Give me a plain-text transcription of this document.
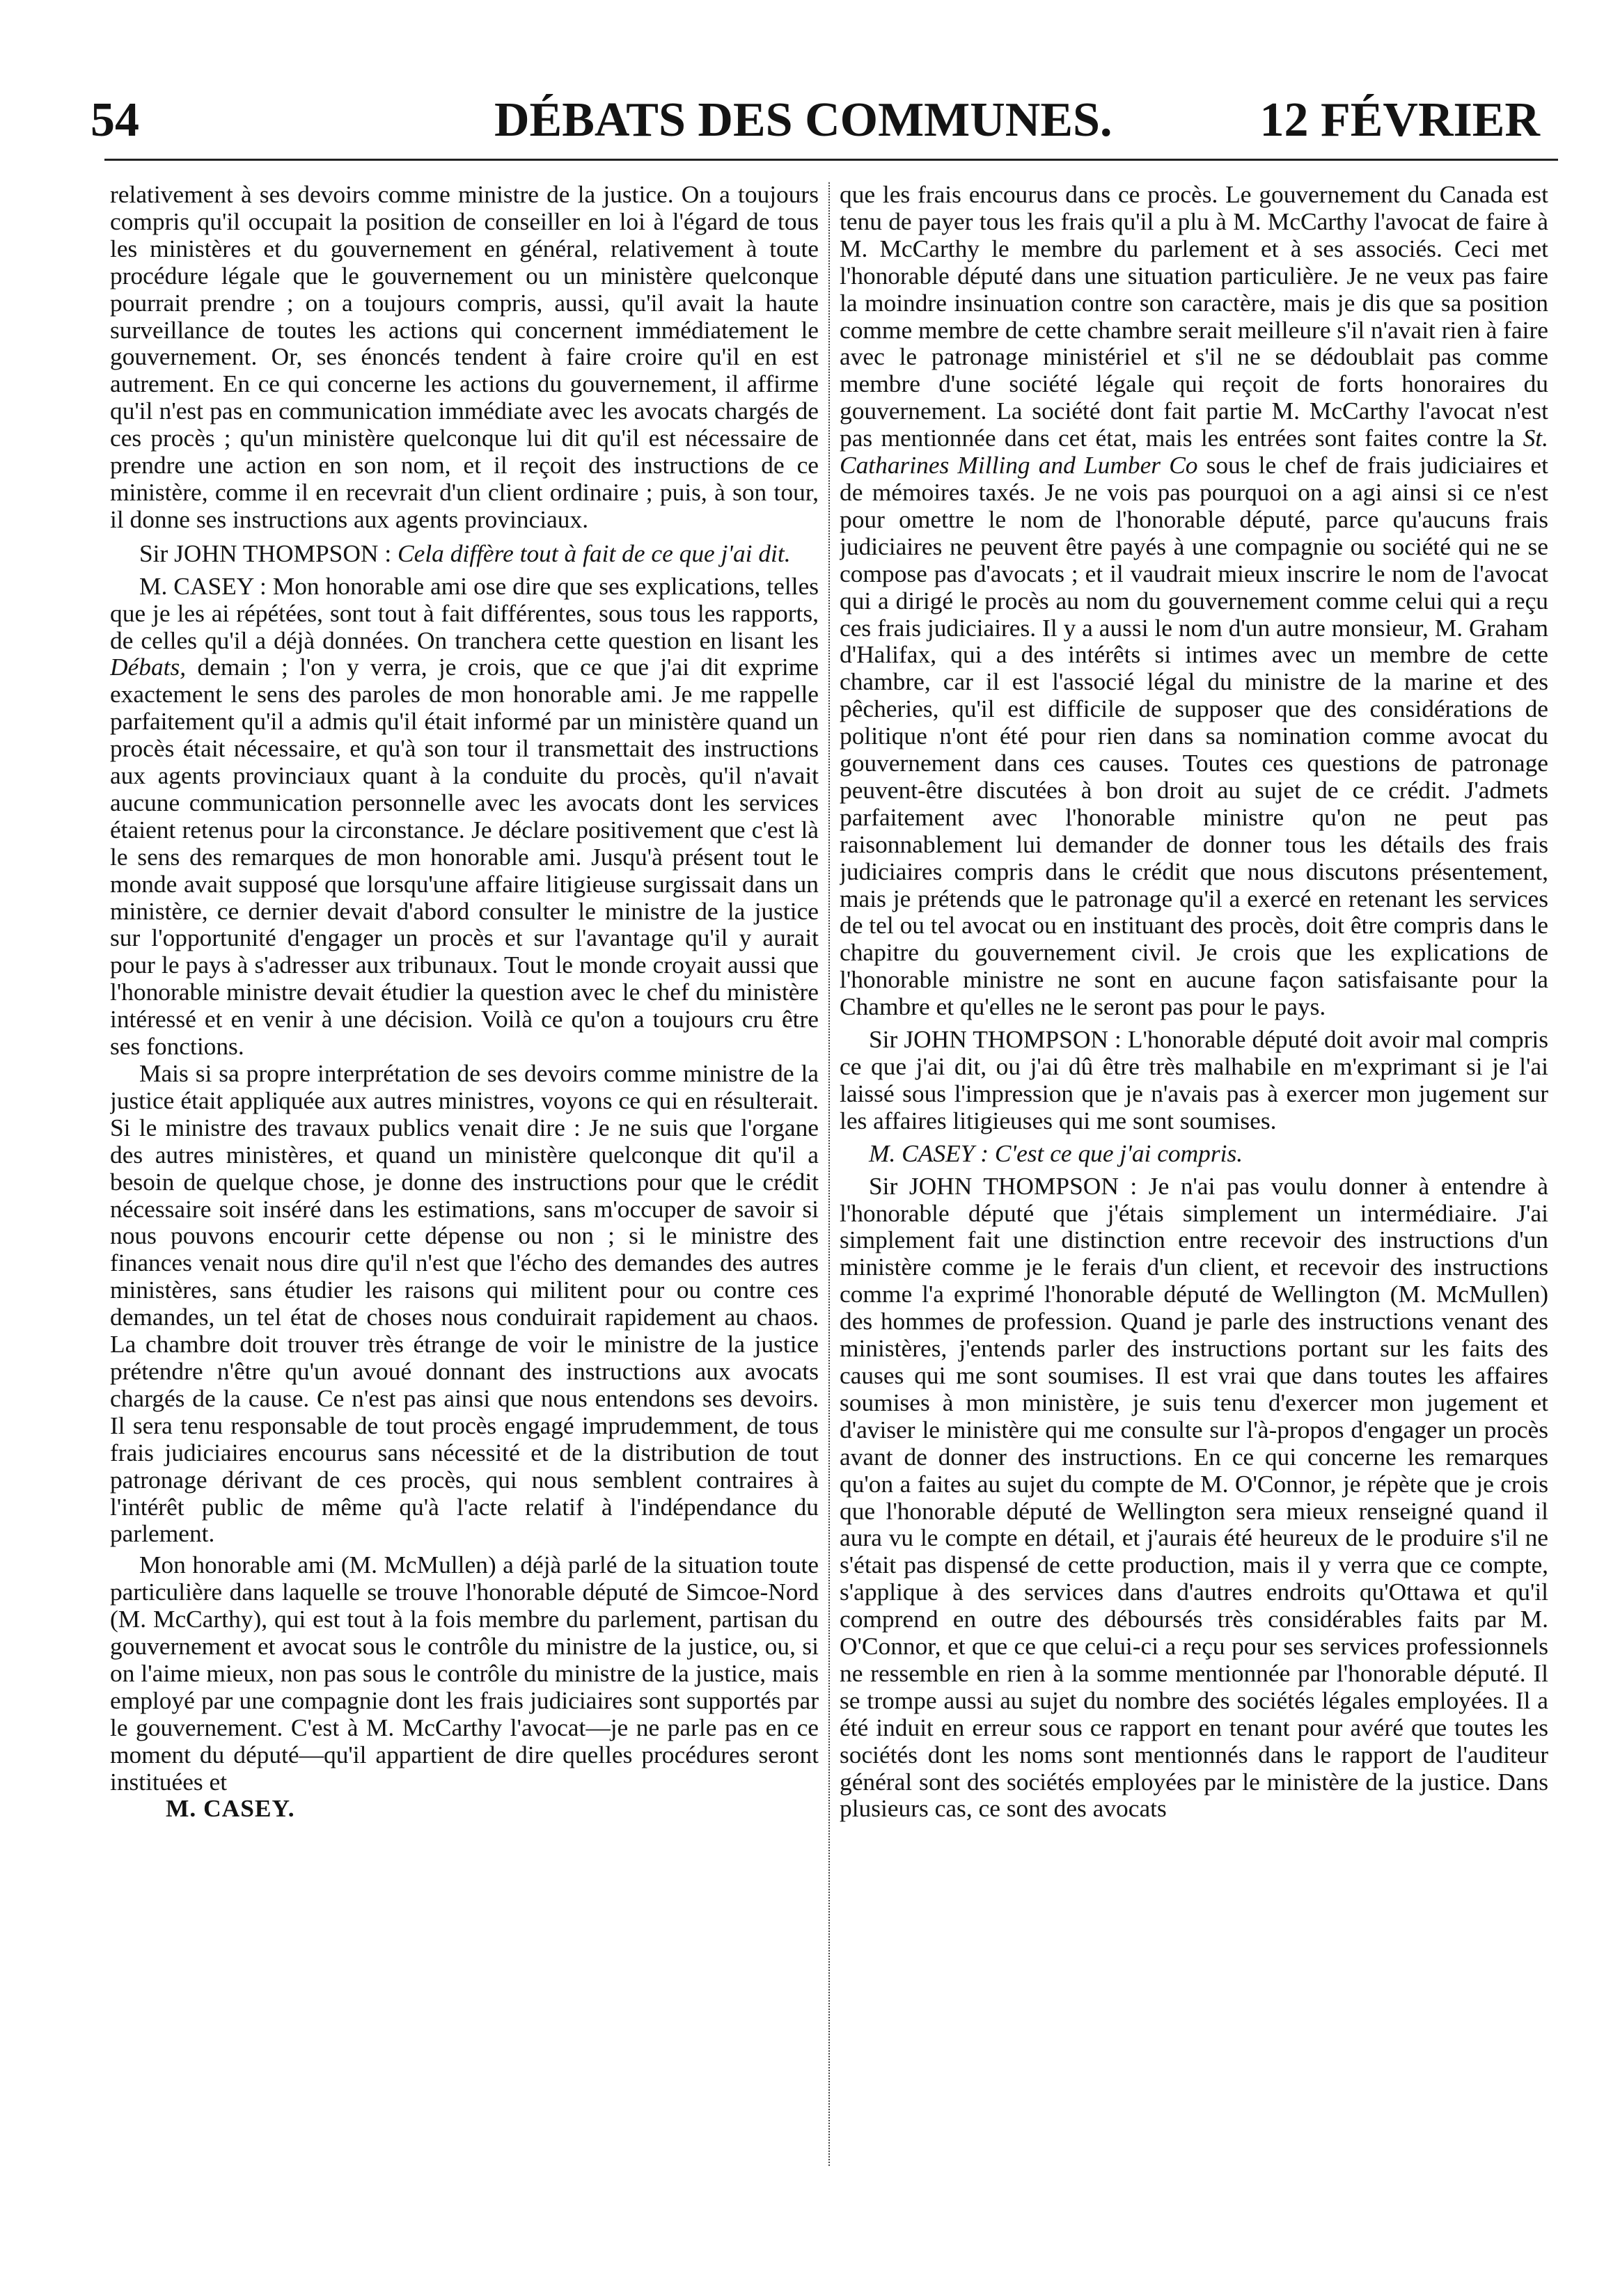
54	DÉBATS DES COMMUNES.	12 FÉVRIER

relativement à ses devoirs comme ministre de la justice. On a toujours compris qu'il occupait la position de conseiller en loi à l'égard de tous les ministères et du gouvernement en général, relativement à toute procédure légale que le gouvernement ou un ministère quelconque pourrait prendre ; on a toujours compris, aussi, qu'il avait la haute surveillance de toutes les actions qui concernent immédiatement le gouvernement. Or, ses énoncés tendent à faire croire qu'il en est autrement. En ce qui concerne les actions du gouvernement, il affirme qu'il n'est pas en communication immédiate avec les avocats chargés de ces procès ; qu'un ministère quelconque lui dit qu'il est nécessaire de prendre une action en son nom, et il reçoit des instructions de ce ministère, comme il en recevrait d'un client ordinaire ; puis, à son tour, il donne ses instructions aux agents provinciaux.

Sir JOHN THOMPSON : Cela diffère tout à fait de ce que j'ai dit.

M. CASEY : Mon honorable ami ose dire que ses explications, telles que je les ai répétées, sont tout à fait différentes, sous tous les rapports, de celles qu'il a déjà données. On tranchera cette question en lisant les Débats, demain ; l'on y verra, je crois, que ce que j'ai dit exprime exactement le sens des paroles de mon honorable ami. Je me rappelle parfaitement qu'il a admis qu'il était informé par un ministère quand un procès était nécessaire, et qu'à son tour il transmettait des instructions aux agents provinciaux quant à la conduite du procès, qu'il n'avait aucune communication personnelle avec les avocats dont les services étaient retenus pour la circonstance. Je déclare positivement que c'est là le sens des remarques de mon honorable ami. Jusqu'à présent tout le monde avait supposé que lorsqu'une affaire litigieuse surgissait dans un ministère, ce dernier devait d'abord consulter le ministre de la justice sur l'opportunité d'engager un procès et sur l'avantage qu'il y aurait pour le pays à s'adresser aux tribunaux. Tout le monde croyait aussi que l'honorable ministre devait étudier la question avec le chef du ministère intéressé et en venir à une décision. Voilà ce qu'on a toujours cru être ses fonctions.

Mais si sa propre interprétation de ses devoirs comme ministre de la justice était appliquée aux autres ministres, voyons ce qui en résulterait. Si le ministre des travaux publics venait dire : Je ne suis que l'organe des autres ministères, et quand un ministère quelconque dit qu'il a besoin de quelque chose, je donne des instructions pour que le crédit nécessaire soit inséré dans les estimations, sans m'occuper de savoir si nous pouvons encourir cette dépense ou non ; si le ministre des finances venait nous dire qu'il n'est que l'écho des demandes des autres ministères, sans étudier les raisons qui militent pour ou contre ces demandes, un tel état de choses nous conduirait rapidement au chaos. La chambre doit trouver très étrange de voir le ministre de la justice prétendre n'être qu'un avoué donnant des instructions aux avocats chargés de la cause. Ce n'est pas ainsi que nous entendons ses devoirs. Il sera tenu responsable de tout procès engagé imprudemment, de tous frais judiciaires encourus sans nécessité et de la distribution de tout patronage dérivant de ces procès, qui nous semblent contraires à l'intérêt public de même qu'à l'acte relatif à l'indépendance du parlement.

Mon honorable ami (M. McMullen) a déjà parlé de la situation toute particulière dans laquelle se trouve l'honorable député de Simcoe-Nord (M. McCarthy), qui est tout à la fois membre du parlement, partisan du gouvernement et avocat sous le contrôle du ministre de la justice, ou, si on l'aime mieux, non pas sous le contrôle du ministre de la justice, mais employé par une compagnie dont les frais judiciaires sont supportés par le gouvernement. C'est à M. McCarthy l'avocat—je ne parle pas en ce moment du député—qu'il appartient de dire quelles procédures seront instituées et

M. CASEY.

que les frais encourus dans ce procès. Le gouvernement du Canada est tenu de payer tous les frais qu'il a plu à M. McCarthy l'avocat de faire à M. McCarthy le membre du parlement et à ses associés. Ceci met l'honorable député dans une situation particulière. Je ne veux pas faire la moindre insinuation contre son caractère, mais je dis que sa position comme membre de cette chambre serait meilleure s'il n'avait rien à faire avec le patronage ministériel et s'il ne se dédoublait pas comme membre d'une société légale qui reçoit de forts honoraires du gouvernement. La société dont fait partie M. McCarthy l'avocat n'est pas mentionnée dans cet état, mais les entrées sont faites contre la St. Catharines Milling and Lumber Co sous le chef de frais judiciaires et de mémoires taxés. Je ne vois pas pourquoi on a agi ainsi si ce n'est pour omettre le nom de l'honorable député, parce qu'aucuns frais judiciaires ne peuvent être payés à une compagnie ou société qui ne se compose pas d'avocats ; et il vaudrait mieux inscrire le nom de l'avocat qui a dirigé le procès au nom du gouvernement comme celui qui a reçu ces frais judiciaires. Il y a aussi le nom d'un autre monsieur, M. Graham d'Halifax, qui a des intérêts si intimes avec un membre de cette chambre, car il est l'associé légal du ministre de la marine et des pêcheries, qu'il est difficile de supposer que des considérations de politique n'ont été pour rien dans sa nomination comme avocat du gouvernement dans ces causes. Toutes ces questions de patronage peuvent-être discutées à bon droit au sujet de ce crédit. J'admets parfaitement avec l'honorable ministre qu'on ne peut pas raisonnablement lui demander de donner tous les détails des frais judiciaires compris dans le crédit que nous discutons présentement, mais je prétends que le patronage qu'il a exercé en retenant les services de tel ou tel avocat ou en instituant des procès, doit être compris dans le chapitre du gouvernement civil. Je crois que les explications de l'honorable ministre ne sont en aucune façon satisfaisante pour la Chambre et qu'elles ne le seront pas pour le pays.

Sir JOHN THOMPSON : L'honorable député doit avoir mal compris ce que j'ai dit, ou j'ai dû être très malhabile en m'exprimant si je l'ai laissé sous l'impression que je n'avais pas à exercer mon jugement sur les affaires litigieuses qui me sont soumises.

M. CASEY : C'est ce que j'ai compris.

Sir JOHN THOMPSON : Je n'ai pas voulu donner à entendre à l'honorable député que j'étais simplement un intermédiaire. J'ai simplement fait une distinction entre recevoir des instructions d'un ministère comme je le ferais d'un client, et recevoir des instructions comme l'a exprimé l'honorable député de Wellington (M. McMullen) des hommes de profession. Quand je parle des instructions venant des ministères, j'entends parler des instructions portant sur les faits des causes qui me sont soumises. Il est vrai que dans toutes les affaires soumises à mon ministère, je suis tenu d'exercer mon jugement et d'aviser le ministère qui me consulte sur l'à-propos d'engager un procès avant de donner des instructions. En ce qui concerne les remarques qu'on a faites au sujet du compte de M. O'Connor, je répète que je crois que l'honorable député de Wellington sera mieux renseigné quand il aura vu le compte en détail, et j'aurais été heureux de le produire s'il ne s'était pas dispensé de cette production, mais il y verra que ce compte, s'applique à des services dans d'autres endroits qu'Ottawa et qu'il comprend en outre des déboursés très considérables faits par M. O'Connor, et que ce que celui-ci a reçu pour ses services professionnels ne ressemble en rien à la somme mentionnée par l'honorable député. Il se trompe aussi au sujet du nombre des sociétés légales employées. Il a été induit en erreur sous ce rapport en tenant pour avéré que toutes les sociétés dont les noms sont mentionnés dans le rapport de l'auditeur général sont des sociétés employées par le ministère de la justice. Dans plusieurs cas, ce sont des avocats
